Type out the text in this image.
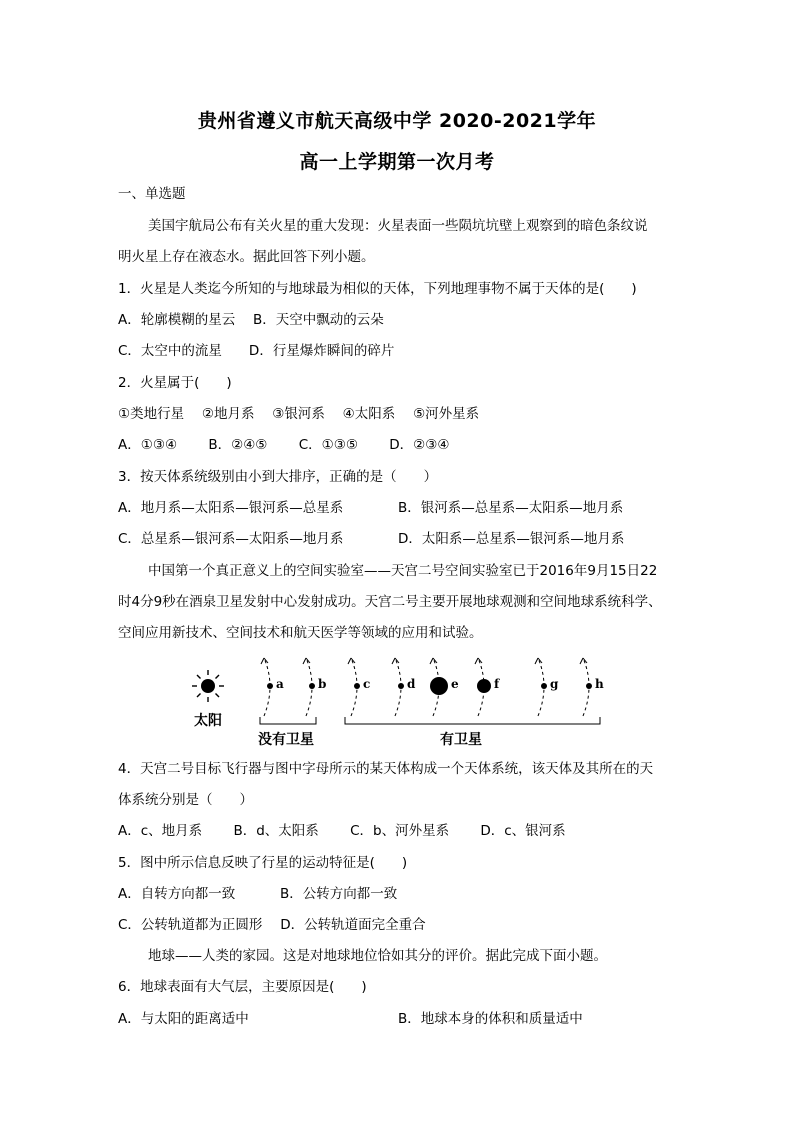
贵州省遵义市航天高级中学 2020-2021学年
高一上学期第一次月考
一、单选题
美国宇航局公布有关火星的重大发现：火星表面一些陨坑坑壁上观察到的暗色条纹说
明火星上存在液态水。据此回答下列小题。
1．火星是人类迄今所知的与地球最为相似的天体，下列地理事物不属于天体的是(　　)
A．轮廓模糊的星云　 B．天空中飘动的云朵
C．太空中的流星　　D．行星爆炸瞬间的碎片
2．火星属于(　　)
①类地行星　 ②地月系　 ③银河系　 ④太阳系　 ⑤河外星系
A．①③④　　 B．②④⑤　　 C．①③⑤　　 D．②③④
3．按天体系统级别由小到大排序，正确的是（　　）
A．地月系—太阳系—银河系—总星系	B．银河系—总星系—太阳系—地月系
C．总星系—银河系—太阳系—地月系	D．太阳系—总星系—银河系—地月系
中国第一个真正意义上的空间实验室——天宫二号空间实验室已于2016年9月15日22
时4分9秒在酒泉卫星发射中心发射成功。天宫二号主要开展地球观测和空间地球系统科学、
空间应用新技术、空间技术和航天医学等领域的应用和试验。
太阳
a	b	c	d	e	f	g	h
没有卫星	有卫星
4．天宫二号目标飞行器与图中字母所示的某天体构成一个天体系统，该天体及其所在的天
体系统分别是（　　）
A．c、地月系　　 B．d、太阳系　　 C．b、河外星系　　 D．c、银河系
5．图中所示信息反映了行星的运动特征是(　　)
A．自转方向都一致　　　 B．公转方向都一致
C．公转轨道都为正圆形　 D．公转轨道面完全重合
地球——人类的家园。这是对地球地位恰如其分的评价。据此完成下面小题。
6．地球表面有大气层，主要原因是(　　)
A．与太阳的距离适中	B．地球本身的体积和质量适中
